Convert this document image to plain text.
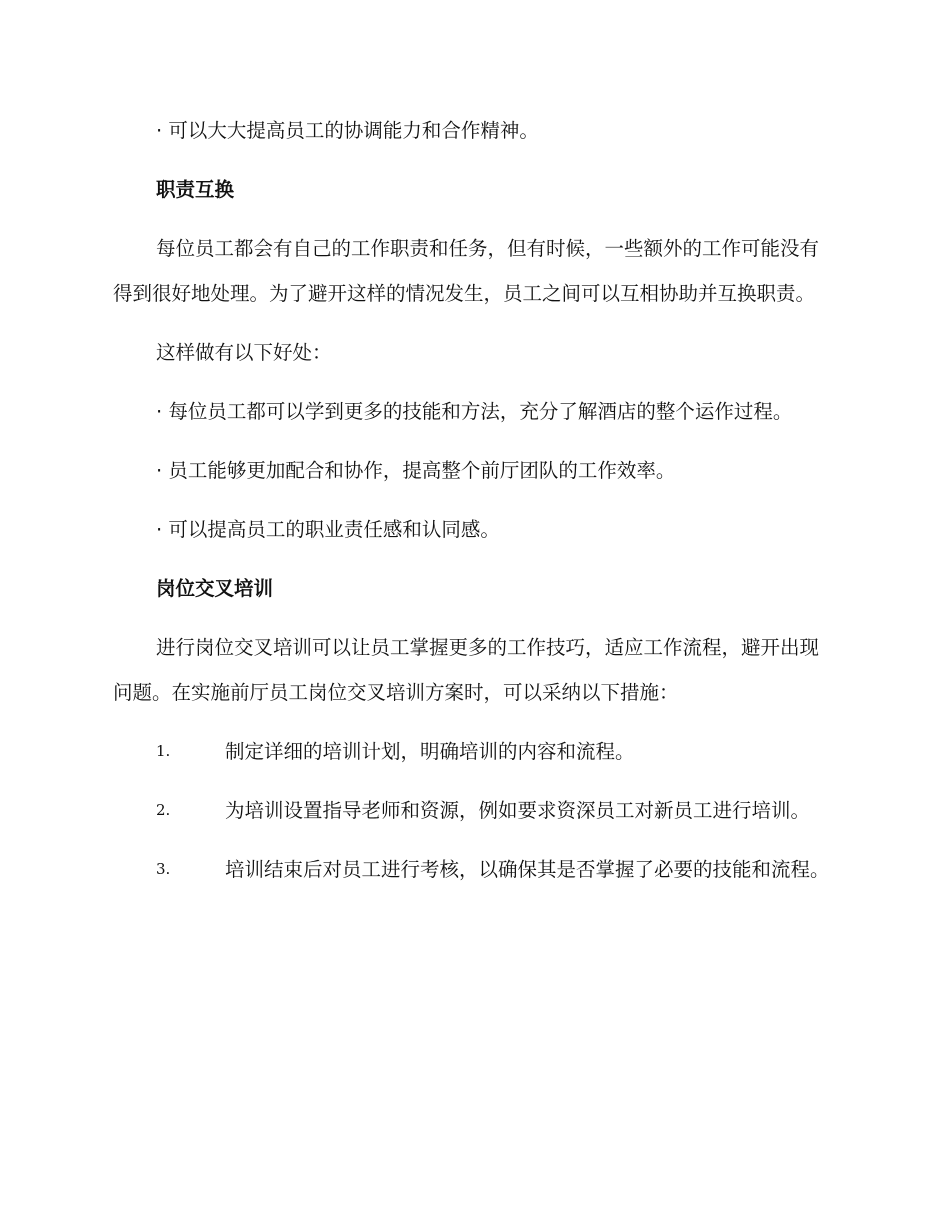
· 可以大大提高员工的协调能力和合作精神。

职责互换

每位员工都会有自己的工作职责和任务，但有时候，一些额外的工作可能没有得到很好地处理。为了避开这样的情况发生，员工之间可以互相协助并互换职责。

这样做有以下好处：

· 每位员工都可以学到更多的技能和方法，充分了解酒店的整个运作过程。

· 员工能够更加配合和协作，提高整个前厅团队的工作效率。

· 可以提高员工的职业责任感和认同感。

岗位交叉培训

进行岗位交叉培训可以让员工掌握更多的工作技巧，适应工作流程，避开出现问题。在实施前厅员工岗位交叉培训方案时，可以采纳以下措施：

1.	制定详细的培训计划，明确培训的内容和流程。

2.	为培训设置指导老师和资源，例如要求资深员工对新员工进行培训。

3.	培训结束后对员工进行考核，以确保其是否掌握了必要的技能和流程。
